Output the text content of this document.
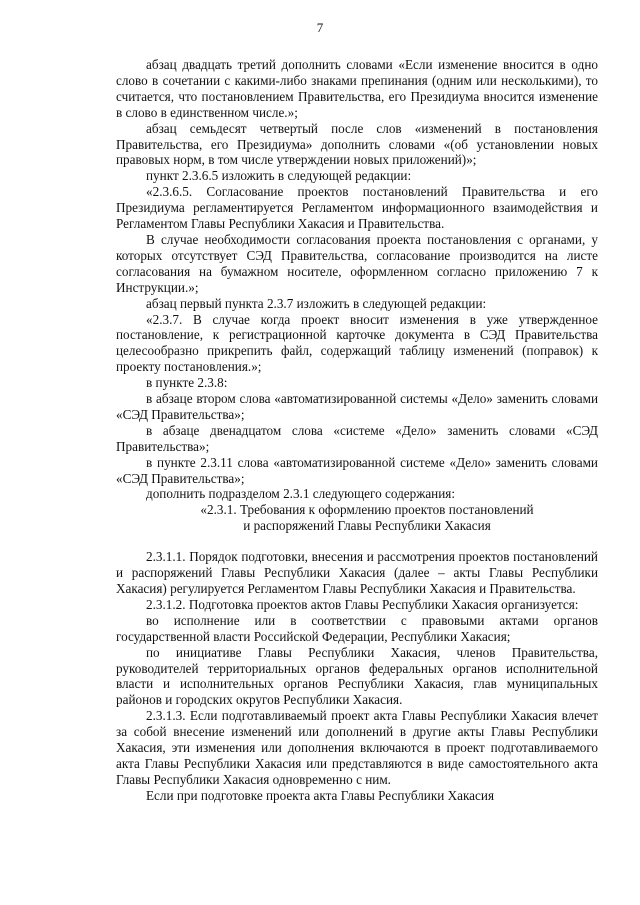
7

абзац двадцать третий дополнить словами «Если изменение вносится в одно слово в сочетании с какими-либо знаками препинания (одним или несколькими), то считается, что постановлением Правительства, его Президиума вносится изменение в слово в единственном числе.»;

абзац семьдесят четвертый после слов «изменений в постановления Правительства, его Президиума» дополнить словами «(об установлении новых правовых норм, в том числе утверждении новых приложений)»;

пункт 2.3.6.5 изложить в следующей редакции:

«2.3.6.5. Согласование проектов постановлений Правительства и его Президиума регламентируется Регламентом информационного взаимодействия и Регламентом Главы Республики Хакасия и Правительства.

В случае необходимости согласования проекта постановления с органами, у которых отсутствует СЭД Правительства, согласование производится на листе согласования на бумажном носителе, оформленном согласно приложению 7 к Инструкции.»;

абзац первый пункта 2.3.7 изложить в следующей редакции:

«2.3.7. В случае когда проект вносит изменения в уже утвержденное постановление, к регистрационной карточке документа в СЭД Правительства целесообразно прикрепить файл, содержащий таблицу изменений (поправок) к проекту постановления.»;

в пункте 2.3.8:

в абзаце втором слова «автоматизированной системы «Дело» заменить словами «СЭД Правительства»;

в абзаце двенадцатом слова «системе «Дело» заменить словами «СЭД Правительства»;

в пункте 2.3.11 слова «автоматизированной системе «Дело» заменить словами «СЭД Правительства»;

дополнить подразделом 2.3.1 следующего содержания:

«2.3.1. Требования к оформлению проектов постановлений

и распоряжений Главы Республики Хакасия

2.3.1.1. Порядок подготовки, внесения и рассмотрения проектов постановлений и распоряжений Главы Республики Хакасия (далее – акты Главы Республики Хакасия) регулируется Регламентом Главы Республики Хакасия и Правительства.

2.3.1.2. Подготовка проектов актов Главы Республики Хакасия организуется:

во исполнение или в соответствии с правовыми актами органов государственной власти Российской Федерации, Республики Хакасия;

по инициативе Главы Республики Хакасия, членов Правительства, руководителей территориальных органов федеральных органов исполнительной власти и исполнительных органов Республики Хакасия, глав муниципальных районов и городских округов Республики Хакасия.

2.3.1.3. Если подготавливаемый проект акта Главы Республики Хакасия влечет за собой внесение изменений или дополнений в другие акты Главы Республики Хакасия, эти изменения или дополнения включаются в проект подготавливаемого акта Главы Республики Хакасия или представляются в виде самостоятельного акта Главы Республики Хакасия одновременно с ним.

Если при подготовке проекта акта Главы Республики Хакасия
